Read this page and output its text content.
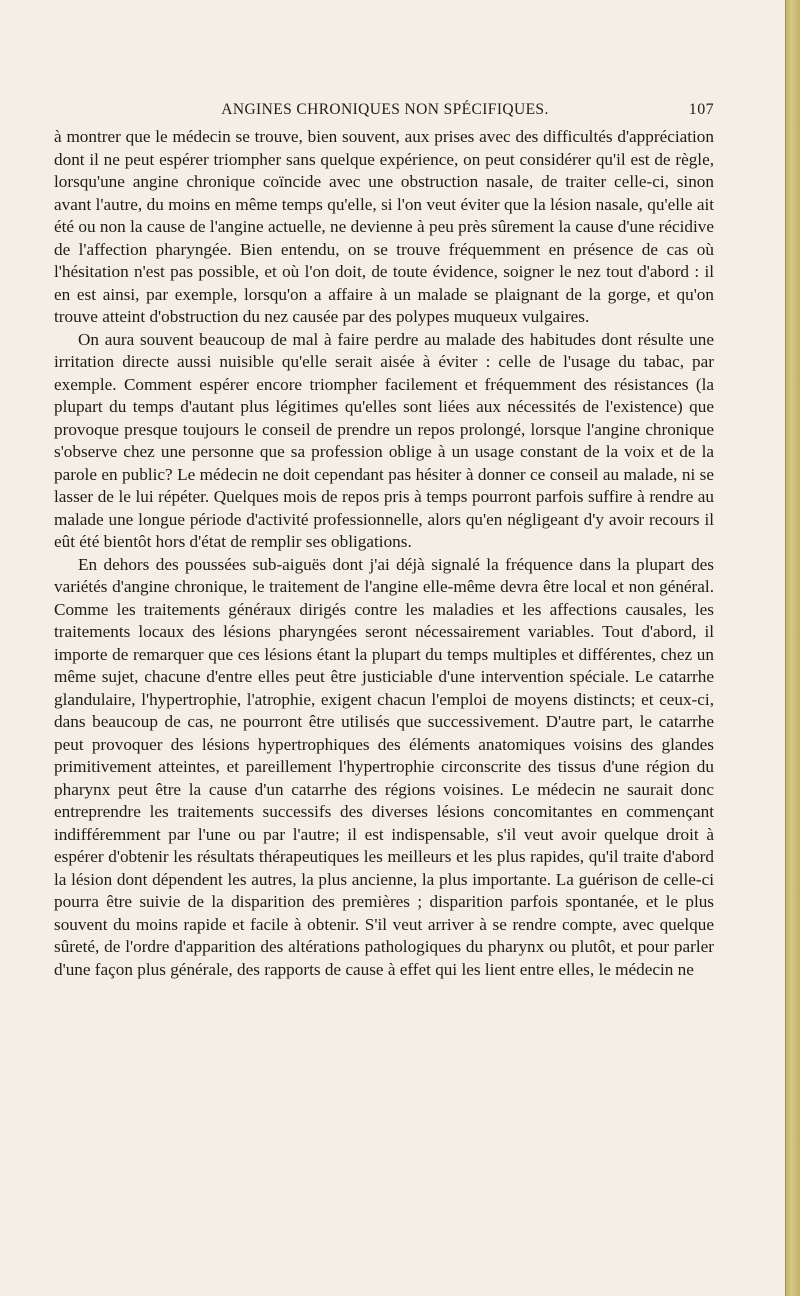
ANGINES CHRONIQUES NON SPÉCIFIQUES.	107

à montrer que le médecin se trouve, bien souvent, aux prises avec des difficultés d'appréciation dont il ne peut espérer triompher sans quelque expérience, on peut considérer qu'il est de règle, lorsqu'une angine chronique coïncide avec une obstruction nasale, de traiter celle-ci, sinon avant l'autre, du moins en même temps qu'elle, si l'on veut éviter que la lésion nasale, qu'elle ait été ou non la cause de l'angine actuelle, ne devienne à peu près sûrement la cause d'une récidive de l'affection pharyngée. Bien entendu, on se trouve fréquemment en présence de cas où l'hésitation n'est pas possible, et où l'on doit, de toute évidence, soigner le nez tout d'abord : il en est ainsi, par exemple, lorsqu'on a affaire à un malade se plaignant de la gorge, et qu'on trouve atteint d'obstruction du nez causée par des polypes muqueux vulgaires.

On aura souvent beaucoup de mal à faire perdre au malade des habitudes dont résulte une irritation directe aussi nuisible qu'elle serait aisée à éviter : celle de l'usage du tabac, par exemple. Comment espérer encore triompher facilement et fréquemment des résistances (la plupart du temps d'autant plus légitimes qu'elles sont liées aux nécessités de l'existence) que provoque presque toujours le conseil de prendre un repos prolongé, lorsque l'angine chronique s'observe chez une personne que sa profession oblige à un usage constant de la voix et de la parole en public? Le médecin ne doit cependant pas hésiter à donner ce conseil au malade, ni se lasser de le lui répéter. Quelques mois de repos pris à temps pourront parfois suffire à rendre au malade une longue période d'activité professionnelle, alors qu'en négligeant d'y avoir recours il eût été bientôt hors d'état de remplir ses obligations.

En dehors des poussées sub-aiguës dont j'ai déjà signalé la fréquence dans la plupart des variétés d'angine chronique, le traitement de l'angine elle-même devra être local et non général. Comme les traitements généraux dirigés contre les maladies et les affections causales, les traitements locaux des lésions pharyngées seront nécessairement variables. Tout d'abord, il importe de remarquer que ces lésions étant la plupart du temps multiples et différentes, chez un même sujet, chacune d'entre elles peut être justiciable d'une intervention spéciale. Le catarrhe glandulaire, l'hypertrophie, l'atrophie, exigent chacun l'emploi de moyens distincts; et ceux-ci, dans beaucoup de cas, ne pourront être utilisés que successivement. D'autre part, le catarrhe peut provoquer des lésions hypertrophiques des éléments anatomiques voisins des glandes primitivement atteintes, et pareillement l'hypertrophie circonscrite des tissus d'une région du pharynx peut être la cause d'un catarrhe des régions voisines. Le médecin ne saurait donc entreprendre les traitements successifs des diverses lésions concomitantes en commençant indifféremment par l'une ou par l'autre; il est indispensable, s'il veut avoir quelque droit à espérer d'obtenir les résultats thérapeutiques les meilleurs et les plus rapides, qu'il traite d'abord la lésion dont dépendent les autres, la plus ancienne, la plus importante. La guérison de celle-ci pourra être suivie de la disparition des premières ; disparition parfois spontanée, et le plus souvent du moins rapide et facile à obtenir. S'il veut arriver à se rendre compte, avec quelque sûreté, de l'ordre d'apparition des altérations pathologiques du pharynx ou plutôt, et pour parler d'une façon plus générale, des rapports de cause à effet qui les lient entre elles, le médecin ne
